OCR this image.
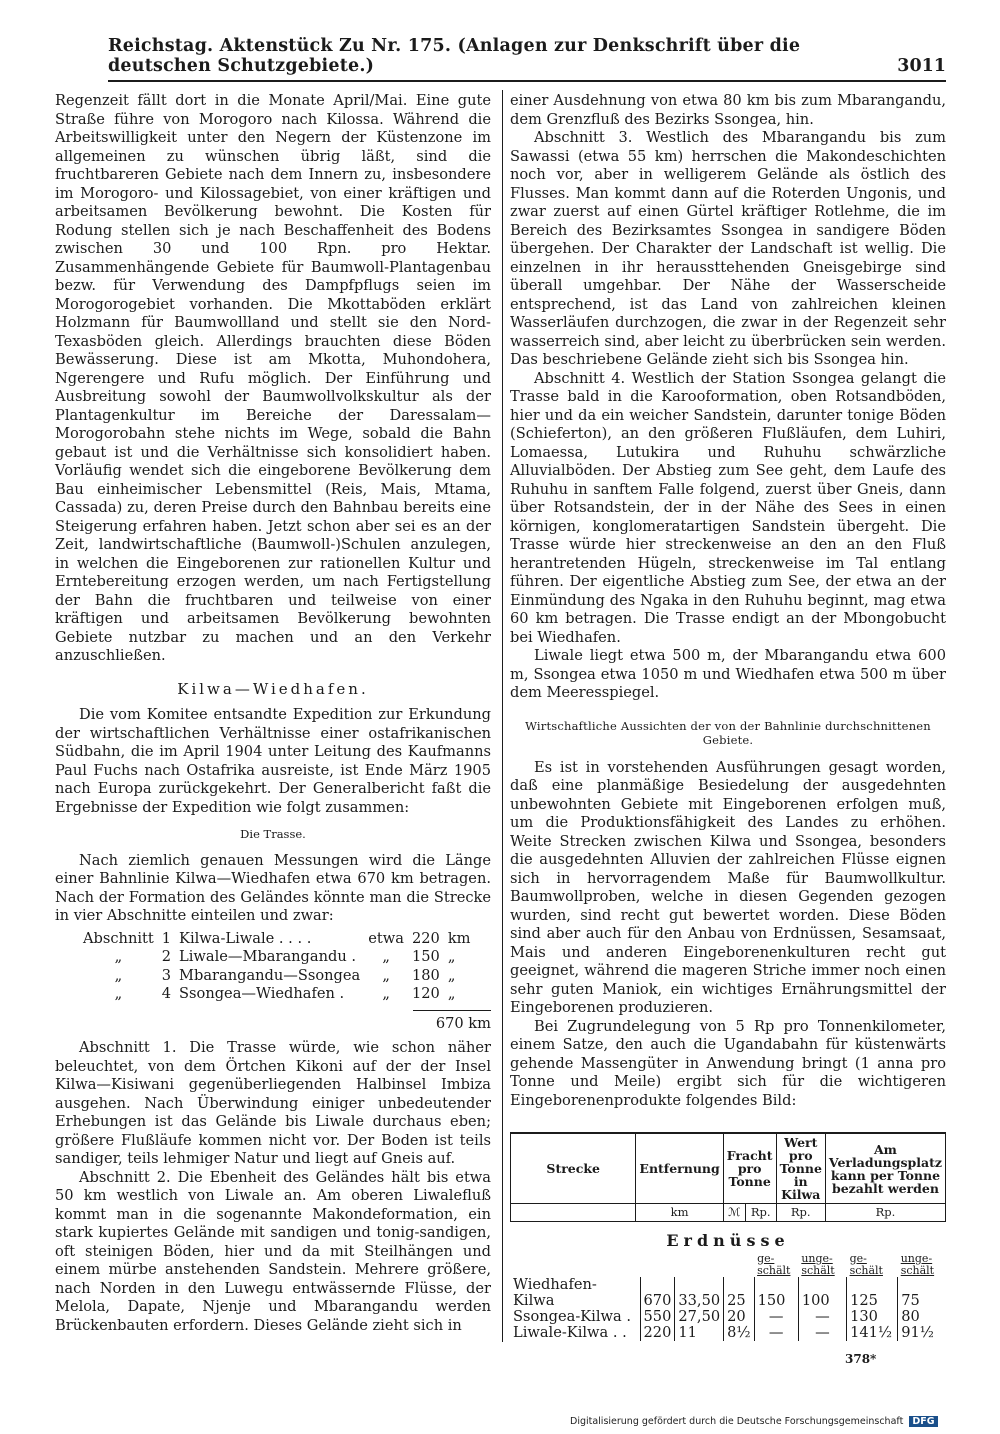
Reichstag. Aktenstück Zu Nr. 175. (Anlagen zur Denkschrift über die deutschen Schutzgebiete.)	3011

Regenzeit fällt dort in die Monate April/Mai. Eine gute Straße führe von Morogoro nach Kilossa. Während die Arbeitswilligkeit unter den Negern der Küstenzone im allgemeinen zu wünschen übrig läßt, sind die fruchtbareren Gebiete nach dem Innern zu, insbesondere im Morogoro- und Kilossagebiet, von einer kräftigen und arbeitsamen Bevölkerung bewohnt. Die Kosten für Rodung stellen sich je nach Beschaffenheit des Bodens zwischen 30 und 100 Rpn. pro Hektar. Zusammenhängende Gebiete für Baumwoll-Plantagenbau bezw. für Verwendung des Dampfpflugs seien im Morogorogebiet vorhanden. Die Mkottaböden erklärt Holzmann für Baumwollland und stellt sie den Nord-Texasböden gleich. Allerdings brauchten diese Böden Bewässerung. Diese ist am Mkotta, Muhondohera, Ngerengere und Rufu möglich. Der Einführung und Ausbreitung sowohl der Baumwollvolkskultur als der Plantagenkultur im Bereiche der Daressalam—Morogorobahn stehe nichts im Wege, sobald die Bahn gebaut ist und die Verhältnisse sich konsolidiert haben. Vorläufig wendet sich die eingeborene Bevölkerung dem Bau einheimischer Lebensmittel (Reis, Mais, Mtama, Cassada) zu, deren Preise durch den Bahnbau bereits eine Steigerung erfahren haben. Jetzt schon aber sei es an der Zeit, landwirtschaftliche (Baumwoll-)Schulen anzulegen, in welchen die Eingeborenen zur rationellen Kultur und Erntebereitung erzogen werden, um nach Fertigstellung der Bahn die fruchtbaren und teilweise von einer kräftigen und arbeitsamen Bevölkerung bewohnten Gebiete nutzbar zu machen und an den Verkehr anzuschließen.

Kilwa—Wiedhafen.

Die vom Komitee entsandte Expedition zur Erkundung der wirtschaftlichen Verhältnisse einer ostafrikanischen Südbahn, die im April 1904 unter Leitung des Kaufmanns Paul Fuchs nach Ostafrika ausreiste, ist Ende März 1905 nach Europa zurückgekehrt. Der Generalbericht faßt die Ergebnisse der Expedition wie folgt zusammen:

Die Trasse.

Nach ziemlich genauen Messungen wird die Länge einer Bahnlinie Kilwa—Wiedhafen etwa 670 km betragen. Nach der Formation des Geländes könnte man die Strecke in vier Abschnitte einteilen und zwar:

Abschnitt	1	Kilwa-Liwale . . . .	etwa	220	km
„	2	Liwale—Mbarangandu .	„	150	„
„	3	Mbarangandu—Ssongea	„	180	„
„	4	Ssongea—Wiedhafen .	„	120	„
670 km

Abschnitt 1. Die Trasse würde, wie schon näher beleuchtet, von dem Örtchen Kikoni auf der der Insel Kilwa—Kisiwani gegenüberliegenden Halbinsel Imbiza ausgehen. Nach Überwindung einiger unbedeutender Erhebungen ist das Gelände bis Liwale durchaus eben; größere Flußläufe kommen nicht vor. Der Boden ist teils sandiger, teils lehmiger Natur und liegt auf Gneis auf.

Abschnitt 2. Die Ebenheit des Geländes hält bis etwa 50 km westlich von Liwale an. Am oberen Liwalefluß kommt man in die sogenannte Makondeformation, ein stark kupiertes Gelände mit sandigen und tonig-sandigen, oft steinigen Böden, hier und da mit Steilhängen und einem mürbe anstehenden Sandstein. Mehrere größere, nach Norden in den Luwegu entwässernde Flüsse, der Melola, Dapate, Njenje und Mbarangandu werden Brückenbauten erfordern. Dieses Gelände zieht sich in

einer Ausdehnung von etwa 80 km bis zum Mbarangandu, dem Grenzfluß des Bezirks Ssongea, hin.

Abschnitt 3. Westlich des Mbarangandu bis zum Sawassi (etwa 55 km) herrschen die Makondeschichten noch vor, aber in welligerem Gelände als östlich des Flusses. Man kommt dann auf die Roterden Ungonis, und zwar zuerst auf einen Gürtel kräftiger Rotlehme, die im Bereich des Bezirksamtes Ssongea in sandigere Böden übergehen. Der Charakter der Landschaft ist wellig. Die einzelnen in ihr heraussttehenden Gneisgebirge sind überall umgehbar. Der Nähe der Wasserscheide entsprechend, ist das Land von zahlreichen kleinen Wasserläufen durchzogen, die zwar in der Regenzeit sehr wasserreich sind, aber leicht zu überbrücken sein werden. Das beschriebene Gelände zieht sich bis Ssongea hin.

Abschnitt 4. Westlich der Station Ssongea gelangt die Trasse bald in die Karooformation, oben Rotsandböden, hier und da ein weicher Sandstein, darunter tonige Böden (Schieferton), an den größeren Flußläufen, dem Luhiri, Lomaessa, Lutukira und Ruhuhu schwärzliche Alluvialböden. Der Abstieg zum See geht, dem Laufe des Ruhuhu in sanftem Falle folgend, zuerst über Gneis, dann über Rotsandstein, der in der Nähe des Sees in einen körnigen, konglomeratartigen Sandstein übergeht. Die Trasse würde hier streckenweise an den an den Fluß herantretenden Hügeln, streckenweise im Tal entlang führen. Der eigentliche Abstieg zum See, der etwa an der Einmündung des Ngaka in den Ruhuhu beginnt, mag etwa 60 km betragen. Die Trasse endigt an der Mbongobucht bei Wiedhafen.

Liwale liegt etwa 500 m, der Mbarangandu etwa 600 m, Ssongea etwa 1050 m und Wiedhafen etwa 500 m über dem Meeresspiegel.

Wirtschaftliche Aussichten der von der Bahnlinie durchschnittenen Gebiete.

Es ist in vorstehenden Ausführungen gesagt worden, daß eine planmäßige Besiedelung der ausgedehnten unbewohnten Gebiete mit Eingeborenen erfolgen muß, um die Produktionsfähigkeit des Landes zu erhöhen. Weite Strecken zwischen Kilwa und Ssongea, besonders die ausgedehnten Alluvien der zahlreichen Flüsse eignen sich in hervorragendem Maße für Baumwollkultur. Baumwollproben, welche in diesen Gegenden gezogen wurden, sind recht gut bewertet worden. Diese Böden sind aber auch für den Anbau von Erdnüssen, Sesamsaat, Mais und anderen Eingeborenenkulturen recht gut geeignet, während die mageren Striche immer noch einen sehr guten Maniok, ein wichtiges Ernährungsmittel der Eingeborenen produzieren.

Bei Zugrundelegung von 5 Rp pro Tonnenkilometer, einem Satze, den auch die Ugandabahn für küstenwärts gehende Massengüter in Anwendung bringt (1 anna pro Tonne und Meile) ergibt sich für die wichtigeren Eingeborenenprodukte folgendes Bild:

Strecke	Entfernung	Fracht pro Tonne		Wert pro Tonne in Kilwa	Am Verladungsplatz kann per Tonne bezahlt werden
	km	ℳ	Rp.	Rp.	Rp.
Erdnüsse
				ge-schält	unge-schält	ge-schält	unge-schält
Wiedhafen-Kilwa	670	33,50	25	150	100	125	75
Ssongea-Kilwa .	550	27,50	20	—	—	130	80
Liwale-Kilwa . .	220	11	8½	—	—	141½	91½
378*
Digitalisierung gefördert durch die Deutsche Forschungsgemeinschaft DFG
